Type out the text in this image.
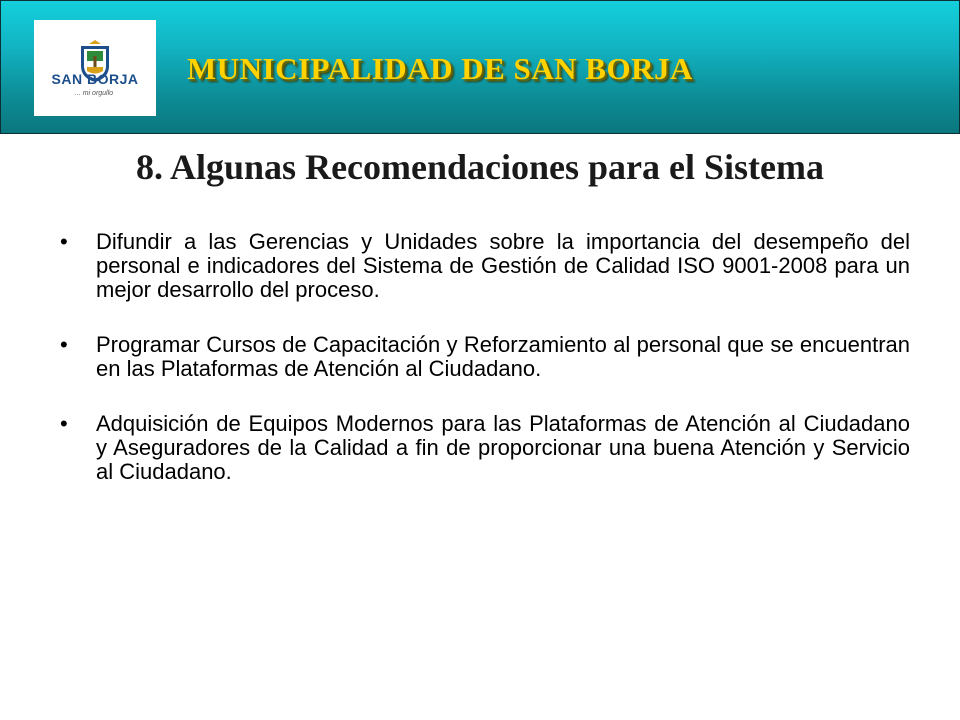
SAN BORJA
... mi orgullo
MUNICIPALIDAD DE SAN BORJA
8. Algunas Recomendaciones para el Sistema
• Difundir a las Gerencias y Unidades sobre la importancia del desempeño del personal e indicadores del Sistema de Gestión de Calidad ISO 9001-2008 para un mejor desarrollo del proceso.
• Programar Cursos de Capacitación y Reforzamiento al personal que se encuentran en las Plataformas de Atención al Ciudadano.
• Adquisición de Equipos Modernos para las Plataformas de Atención al Ciudadano y Aseguradores de la Calidad a fin de proporcionar una buena Atención y Servicio al Ciudadano.
